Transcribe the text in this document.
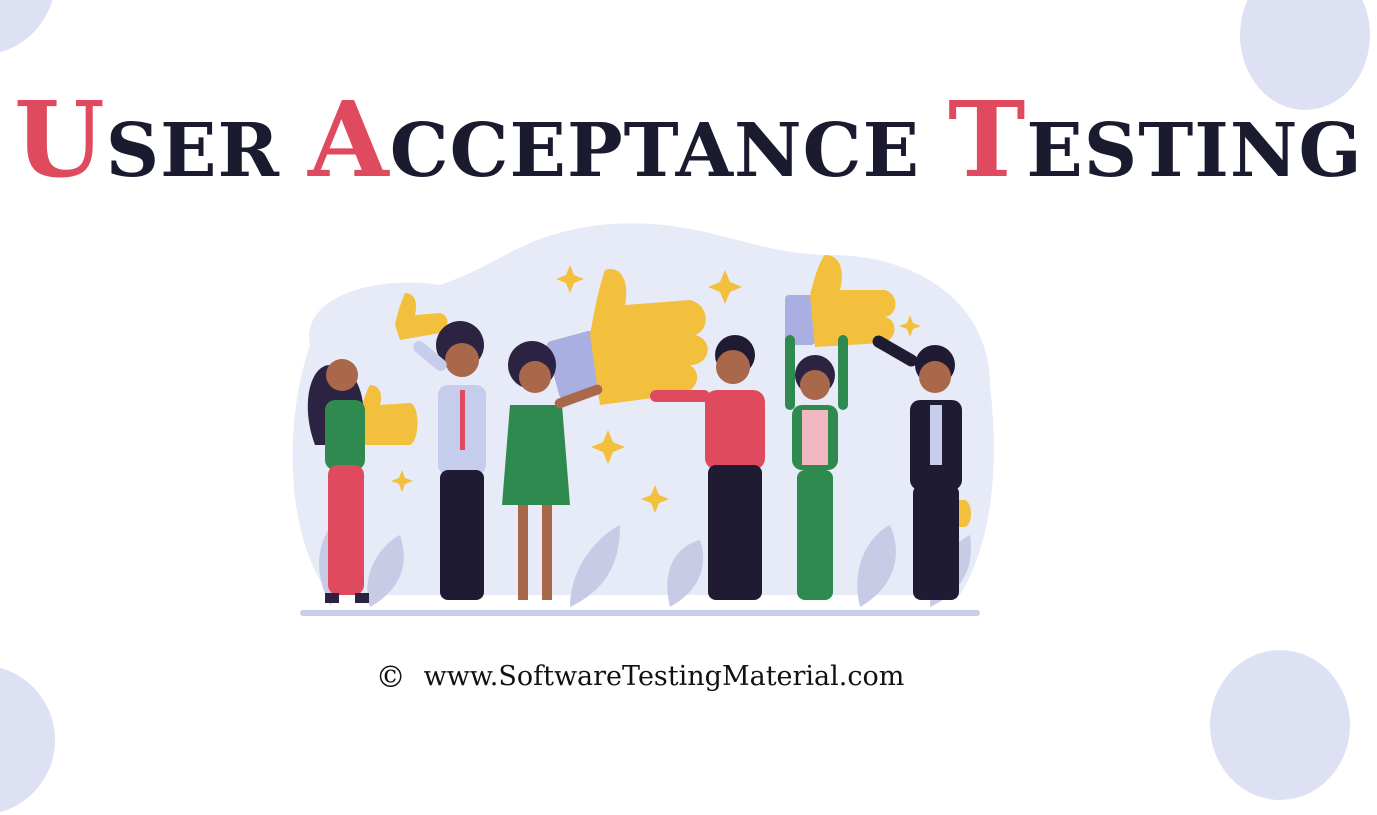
USER ACCEPTANCE TESTING
© www.SoftwareTestingMaterial.com
